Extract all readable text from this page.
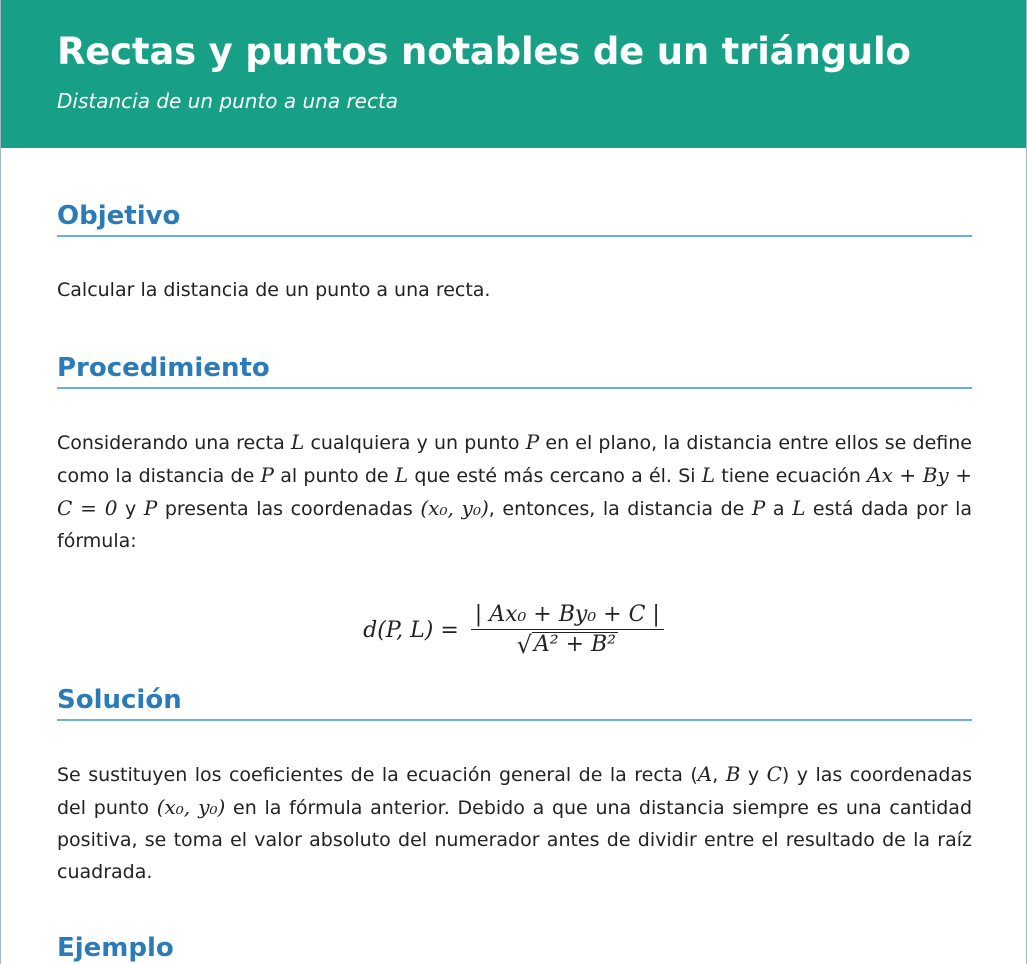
Rectas y puntos notables de un triángulo

Distancia de un punto a una recta

Objetivo

Calcular la distancia de un punto a una recta.

Procedimiento

Considerando una recta L cualquiera y un punto P en el plano, la distancia entre ellos se define como la distancia de P al punto de L que esté más cercano a él. Si L tiene ecuación Ax + By + C = 0 y P presenta las coordenadas (x₀, y₀), entonces, la distancia de P a L está dada por la fórmula:

d(P, $L) = \frac{\text{| Ax₀ + By₀ + C |}}{\text{√ A² + B²}}$
Solución

Se sustituyen los coeficientes de la ecuación general de la recta (A, B y C) y las coordenadas del punto (x₀, y₀) en la fórmula anterior. Debido a que una distancia siempre es una cantidad positiva, se toma el valor absoluto del numerador antes de dividir entre el resultado de la raíz cuadrada.

Ejemplo
